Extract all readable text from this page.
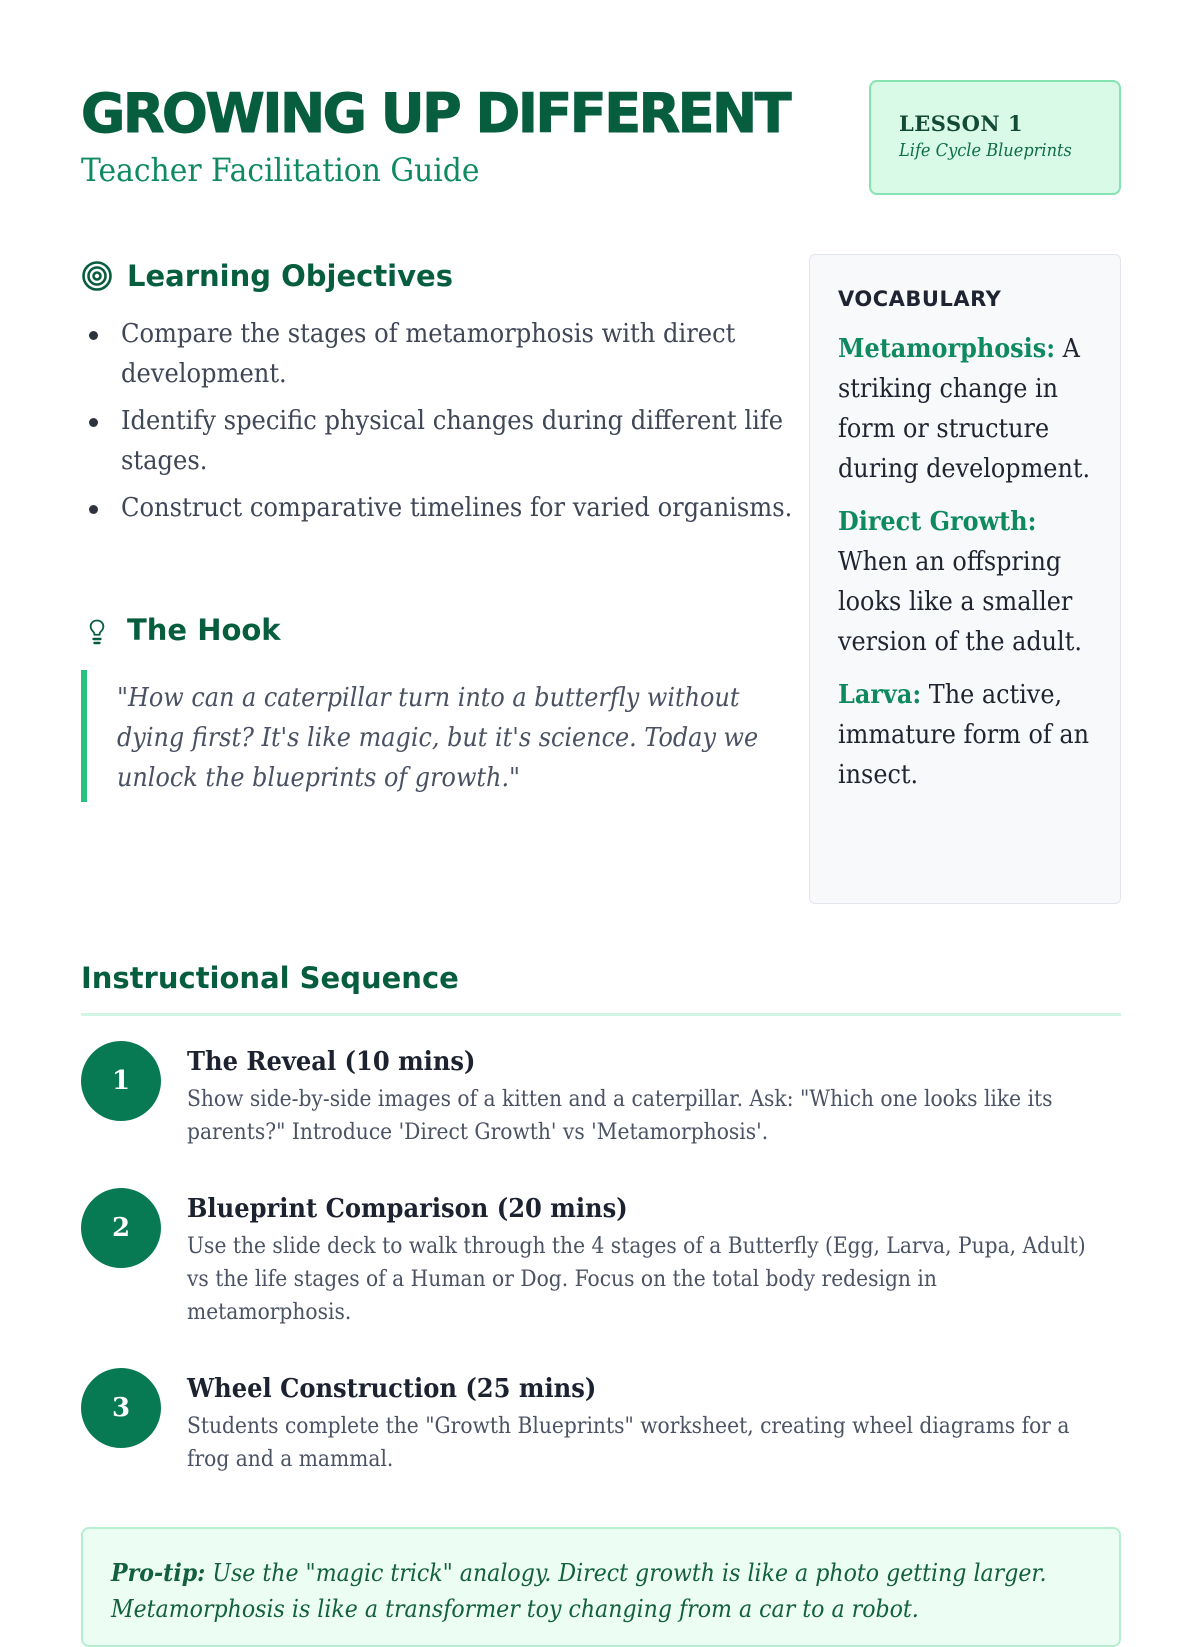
GROWING UP DIFFERENT
Teacher Facilitation Guide
LESSON 1
Life Cycle Blueprints
Learning Objectives
Compare the stages of metamorphosis with direct development.
Identify specific physical changes during different life stages.
Construct comparative timelines for varied organisms.
The Hook
"How can a caterpillar turn into a butterfly without dying first? It's like magic, but it's science. Today we unlock the blueprints of growth."
VOCABULARY
Metamorphosis: A striking change in form or structure during development.
Direct Growth: When an offspring looks like a smaller version of the adult.
Larva: The active, immature form of an insect.
Instructional Sequence
1
The Reveal (10 mins)
Show side-by-side images of a kitten and a caterpillar. Ask: "Which one looks like its parents?" Introduce 'Direct Growth' vs 'Metamorphosis'.
2
Blueprint Comparison (20 mins)
Use the slide deck to walk through the 4 stages of a Butterfly (Egg, Larva, Pupa, Adult) vs the life stages of a Human or Dog. Focus on the total body redesign in metamorphosis.
3
Wheel Construction (25 mins)
Students complete the "Growth Blueprints" worksheet, creating wheel diagrams for a frog and a mammal.
Pro-tip: Use the "magic trick" analogy. Direct growth is like a photo getting larger. Metamorphosis is like a transformer toy changing from a car to a robot.
